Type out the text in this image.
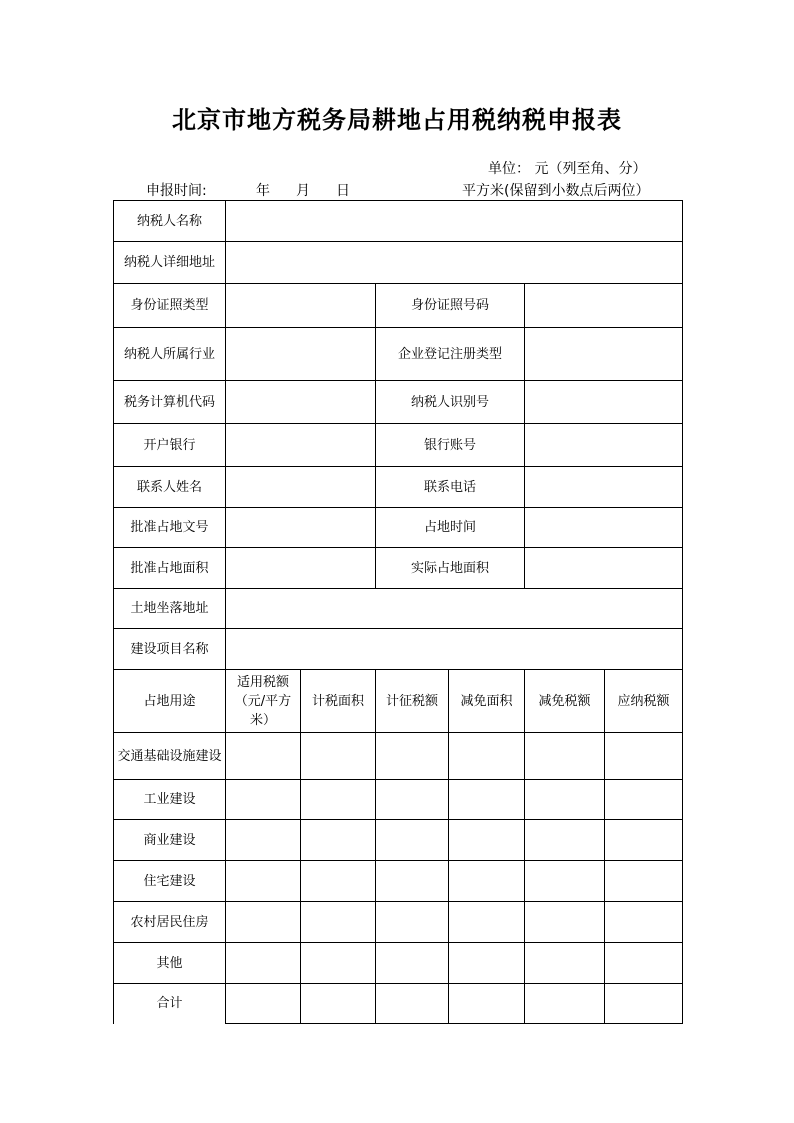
北京市地方税务局耕地占用税纳税申报表
单位： 元（列至角、分）
申报时间:	年 月 日	平方米(保留到小数点后两位）
纳税人名称						
纳税人详细地址						
身份证照类型			身份证照号码			
纳税人所属行业			企业登记注册类型			
税务计算机代码			纳税人识别号			
开户银行			银行账号			
联系人姓名			联系电话			
批准占地文号			占地时间			
批准占地面积			实际占地面积			
土地坐落地址						
建设项目名称						
占地用途	适用税额（元/平方米）	计税面积	计征税额	减免面积	减免税额	应纳税额
交通基础设施建设						
工业建设						
商业建设						
住宅建设						
农村居民住房						
其他						
合计						
